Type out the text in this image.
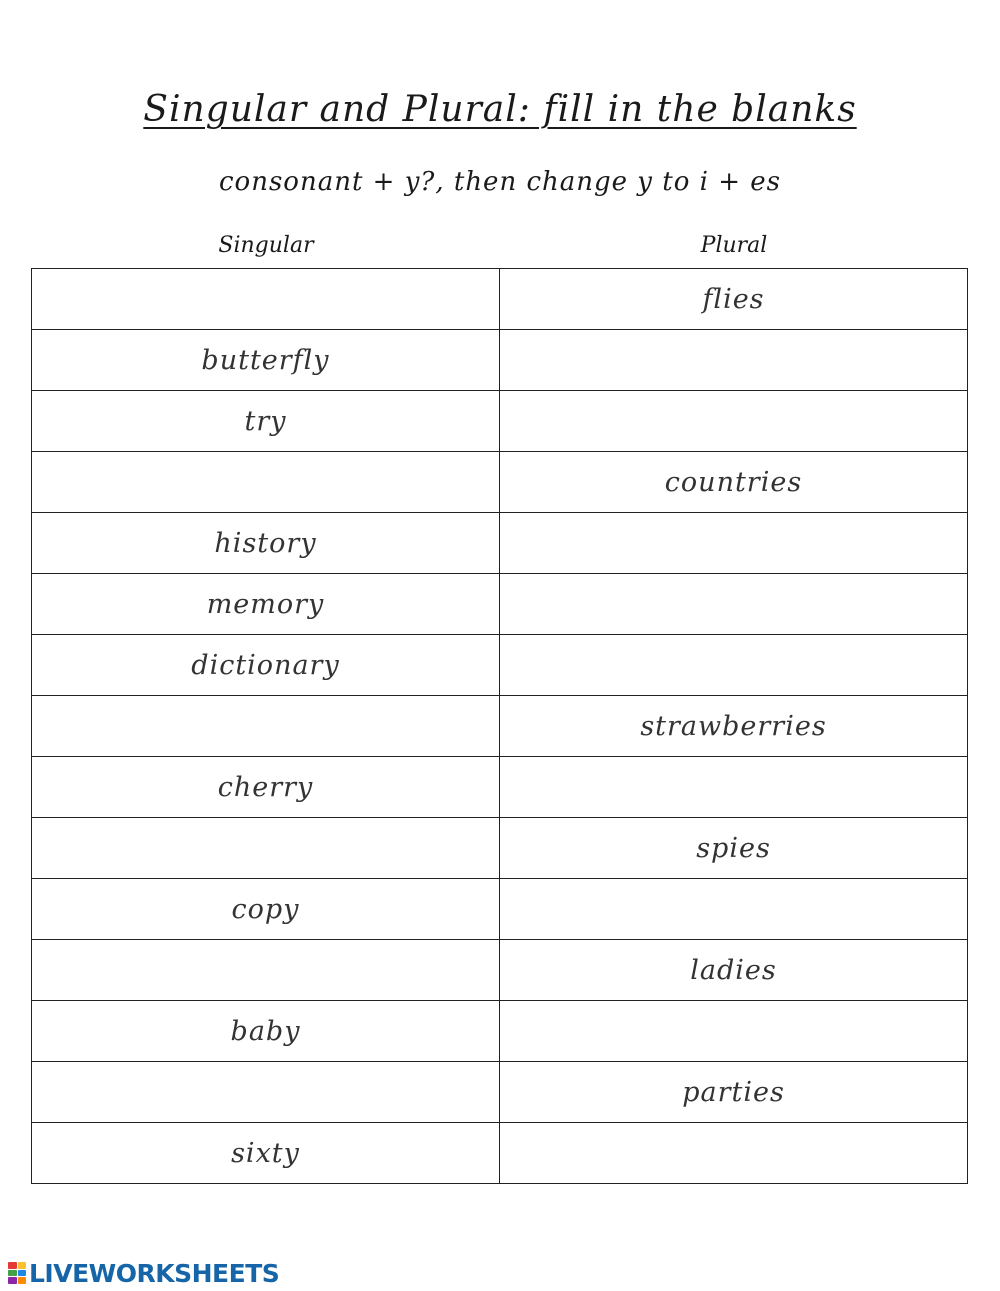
Singular and Plural: fill in the blanks
consonant + y?, then change y to i + es
Singular	Plural
	flies
butterfly	
try	
	countries
history	
memory	
dictionary	
	strawberries
cherry	
	spies
copy	
	ladies
baby	
	parties
sixty	
LIVEWORKSHEETS
